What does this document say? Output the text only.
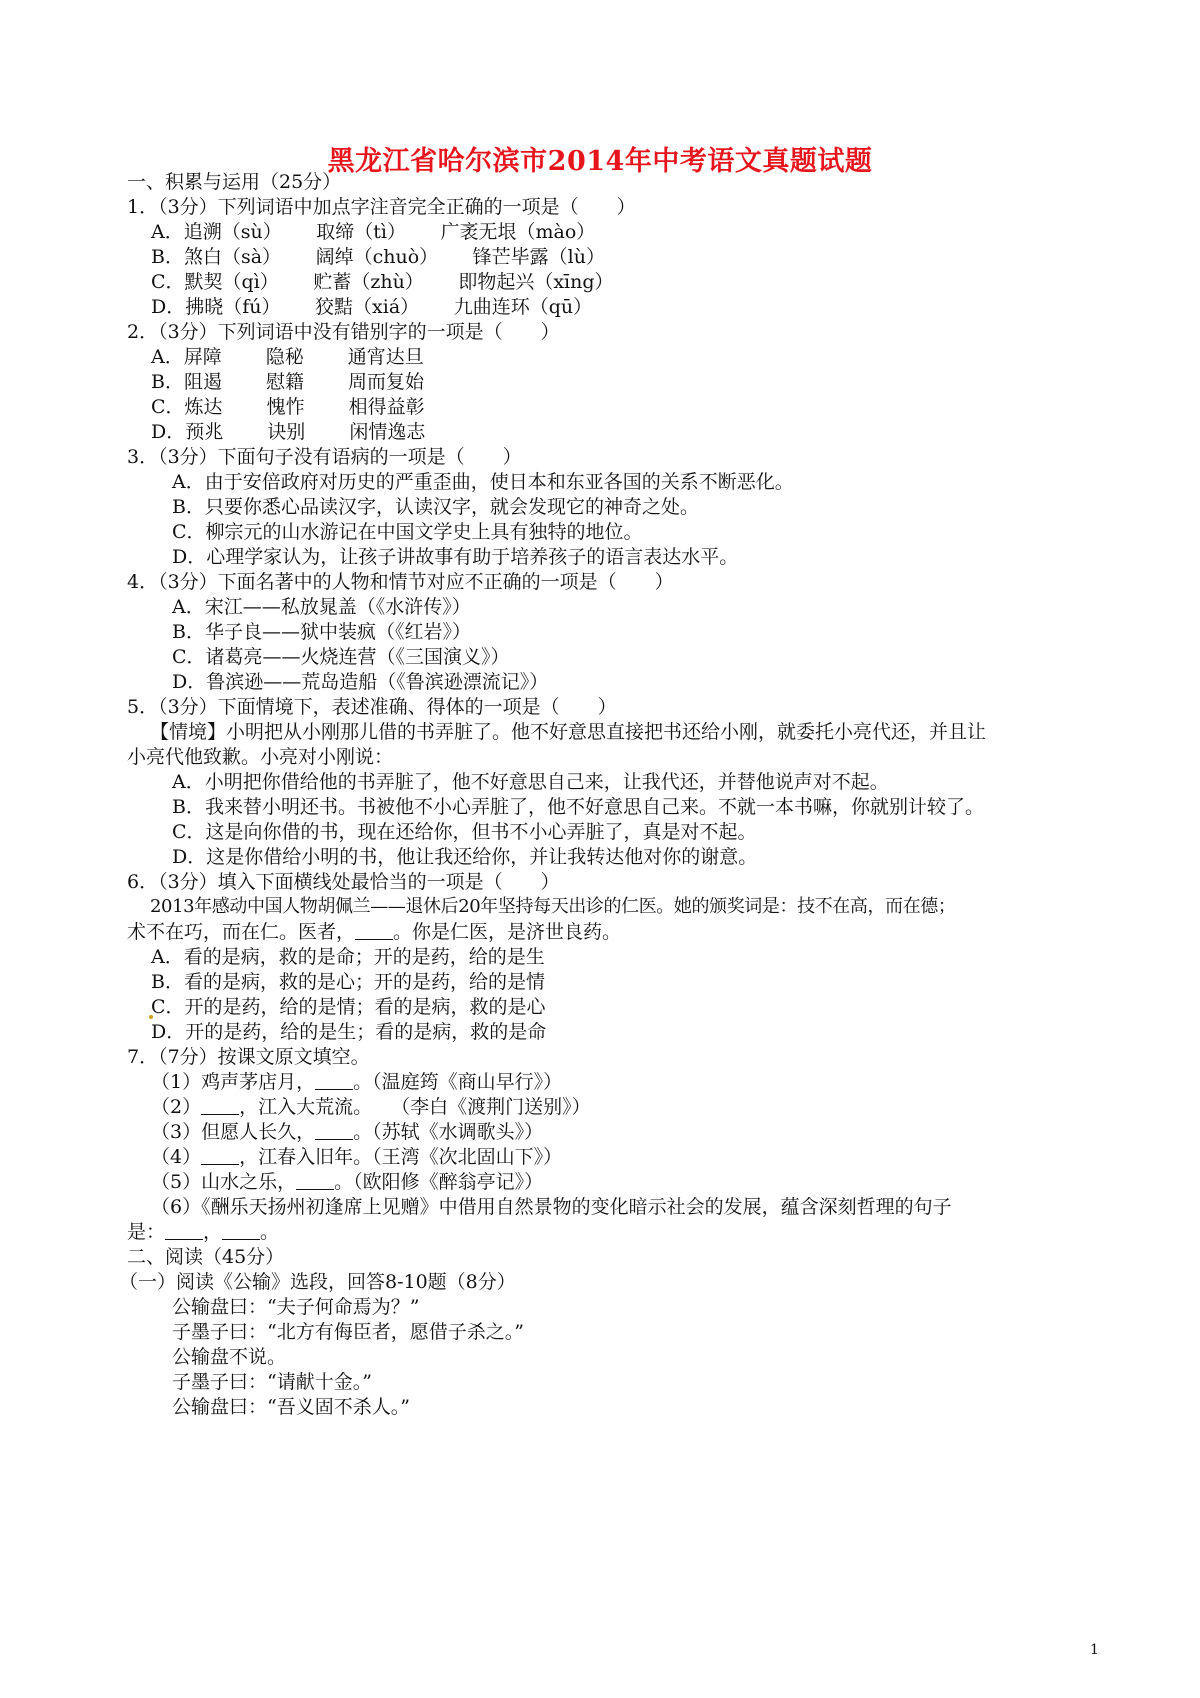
黑龙江省哈尔滨市2014年中考语文真题试题
一、积累与运用（25分）
1．（3分）下列词语中加点字注音完全正确的一项是（　　）
A．追溯（sù）　　 取缔（tì）　　 广袤无垠（mào）
B．煞白（sà）　　 阔绰（chuò）　　 锋芒毕露（lù）
C．默契（qì）　　 贮蓄（zhù）　　 即物起兴（xīng）
D．拂晓（fú）　　 狡黠（xiá）　　 九曲连环（qū）
2．（3分）下列词语中没有错别字的一项是（　　）
A．屏障　　 隐秘　　 通宵达旦
B．阻遏　　 慰籍　　 周而复始
C．炼达　　 愧怍　　 相得益彰
D．预兆　　 诀别　　 闲情逸志
3．（3分）下面句子没有语病的一项是（　　）
A．由于安倍政府对历史的严重歪曲，使日本和东亚各国的关系不断恶化。
B．只要你悉心品读汉字，认读汉字，就会发现它的神奇之处。
C．柳宗元的山水游记在中国文学史上具有独特的地位。
D．心理学家认为，让孩子讲故事有助于培养孩子的语言表达水平。
4．（3分）下面名著中的人物和情节对应不正确的一项是（　　）
A．宋江——私放晁盖（《水浒传》）
B．华子良——狱中装疯（《红岩》）
C．诸葛亮——火烧连营（《三国演义》）
D．鲁滨逊——荒岛造船（《鲁滨逊漂流记》）
5．（3分）下面情境下，表述准确、得体的一项是（　　）
【情境】小明把从小刚那儿借的书弄脏了。他不好意思直接把书还给小刚，就委托小亮代还，并且让
小亮代他致歉。小亮对小刚说：
A．小明把你借给他的书弄脏了，他不好意思自己来，让我代还，并替他说声对不起。
B．我来替小明还书。书被他不小心弄脏了，他不好意思自己来。不就一本书嘛，你就别计较了。
C．这是向你借的书，现在还给你，但书不小心弄脏了，真是对不起。
D．这是你借给小明的书，他让我还给你，并让我转达他对你的谢意。
6．（3分）填入下面横线处最恰当的一项是（　　）
2013年感动中国人物胡佩兰——退休后20年坚持每天出诊的仁医。她的颁奖词是：技不在高，而在德；
术不在巧，而在仁。医者， 。你是仁医，是济世良药。
A．看的是病，救的是命；开的是药，给的是生
B．看的是病，救的是心；开的是药，给的是情
C．开的是药，给的是情；看的是病，救的是心
D．开的是药，给的是生；看的是病，救的是命
7．（7分）按课文原文填空。
（1）鸡声茅店月， 。（温庭筠《商山早行》）
（2） ，江入大荒流。　　（李白《渡荆门送别》）
（3）但愿人长久， 。（苏轼《水调歌头》）
（4） ，江春入旧年。（王湾《次北固山下》）
（5）山水之乐， 。（欧阳修《醉翁亭记》）
（6）《酬乐天扬州初逢席上见赠》中借用自然景物的变化暗示社会的发展，蕴含深刻哲理的句子
是： ， 。
二、阅读（45分）
（一）阅读《公输》选段，回答8-10题（8分）
公输盘曰：“夫子何命焉为？”
子墨子曰：“北方有侮臣者，愿借子杀之。”
公输盘不说。
子墨子曰：“请献十金。”
公输盘曰：“吾义固不杀人。”
1
